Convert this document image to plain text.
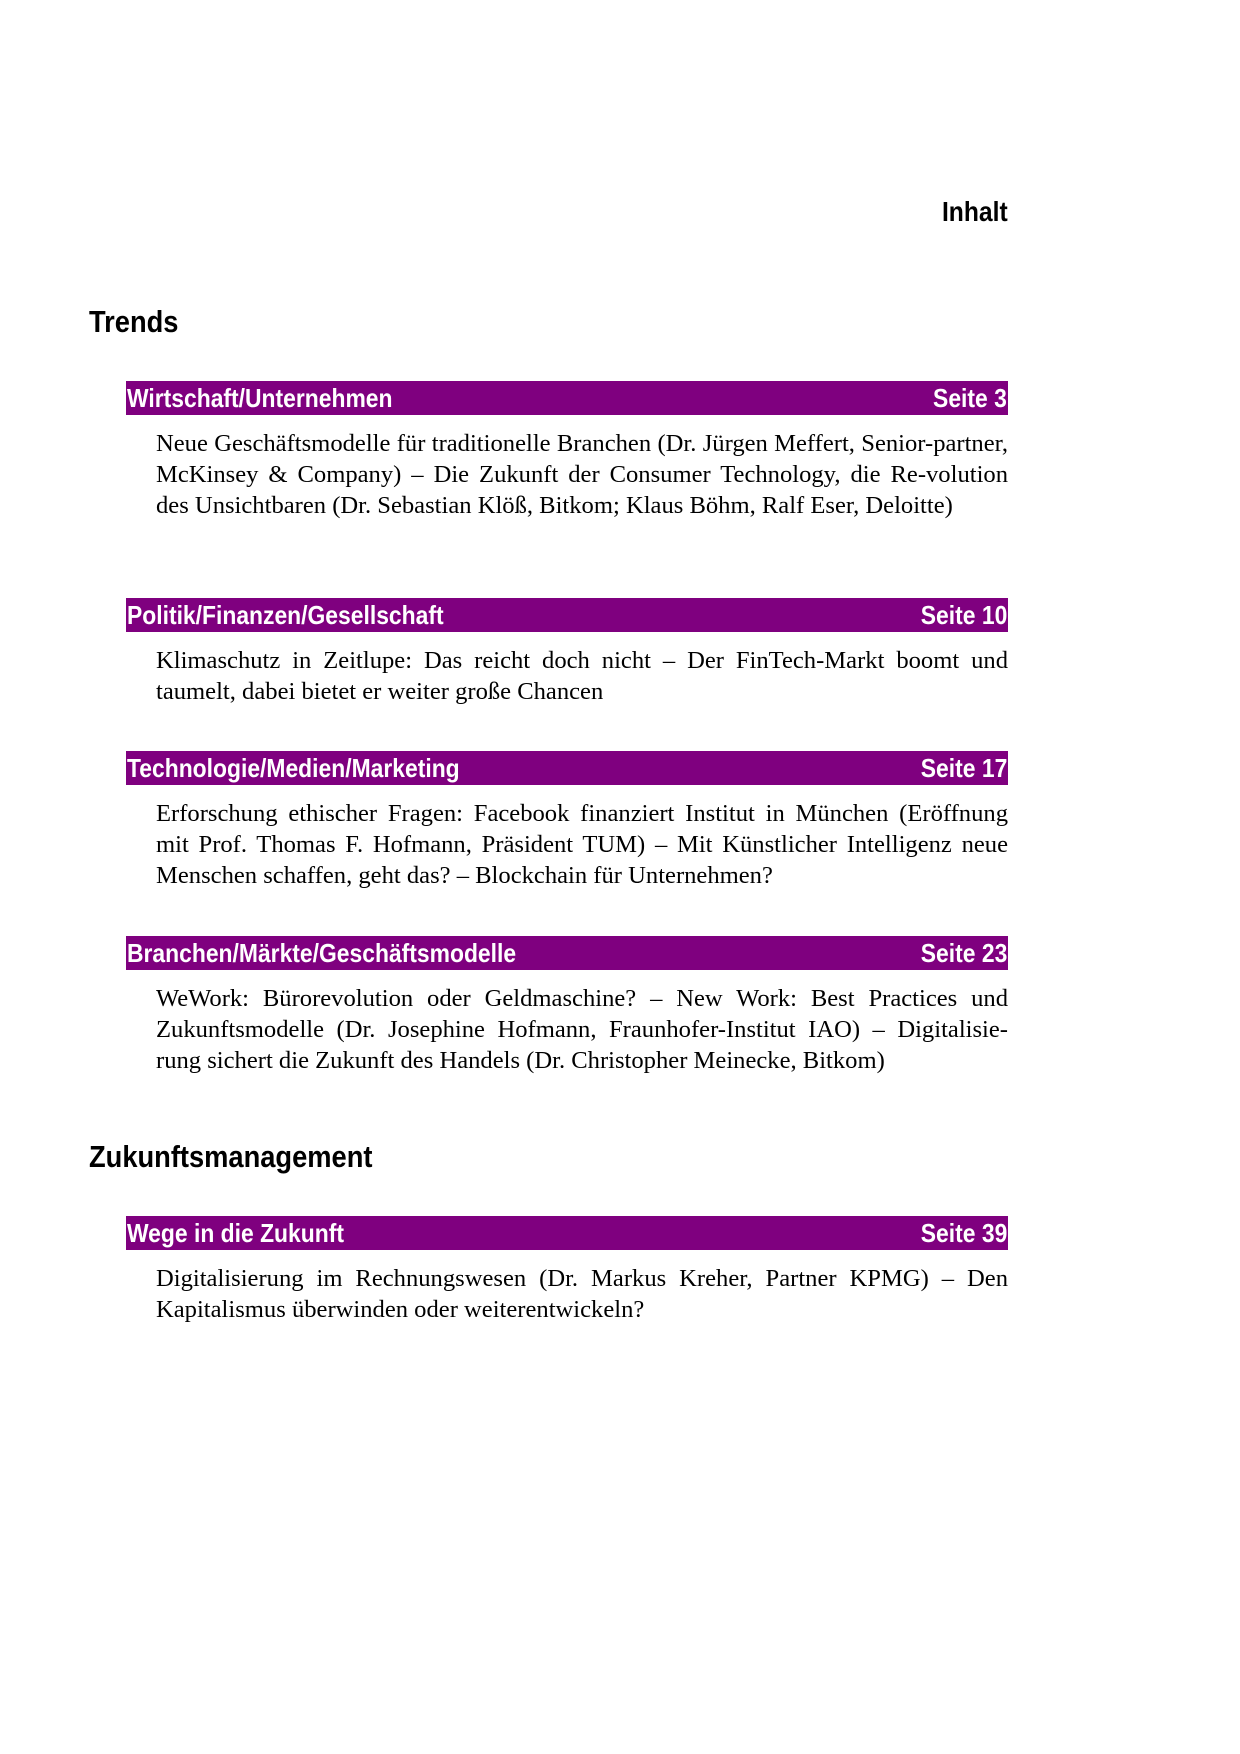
Inhalt
Trends
Wirtschaft/Unternehmen	Seite 3

Neue Geschäftsmodelle für traditionelle Branchen (Dr. Jürgen Meffert, Senior-partner, McKinsey & Company) – Die Zukunft der Consumer Technology, die Re-volution des Unsichtbaren (Dr. Sebastian Klöß, Bitkom; Klaus Böhm, Ralf Eser, Deloitte)

Politik/Finanzen/Gesellschaft	Seite 10

Klimaschutz in Zeitlupe: Das reicht doch nicht – Der FinTech-Markt boomt und taumelt, dabei bietet er weiter große Chancen

Technologie/Medien/Marketing	Seite 17

Erforschung ethischer Fragen: Facebook finanziert Institut in München (Eröffnung mit Prof. Thomas F. Hofmann, Präsident TUM) – Mit Künstlicher Intelligenz neue Menschen schaffen, geht das? – Blockchain für Unternehmen?

Branchen/Märkte/Geschäftsmodelle	Seite 23

WeWork: Bürorevolution oder Geldmaschine? – New Work: Best Practices und Zukunftsmodelle (Dr. Josephine Hofmann, Fraunhofer-Institut IAO) – Digitalisie-rung sichert die Zukunft des Handels (Dr. Christopher Meinecke, Bitkom)

Zukunftsmanagement
Wege in die Zukunft	Seite 39

Digitalisierung im Rechnungswesen (Dr. Markus Kreher, Partner KPMG) – Den Kapitalismus überwinden oder weiterentwickeln?
